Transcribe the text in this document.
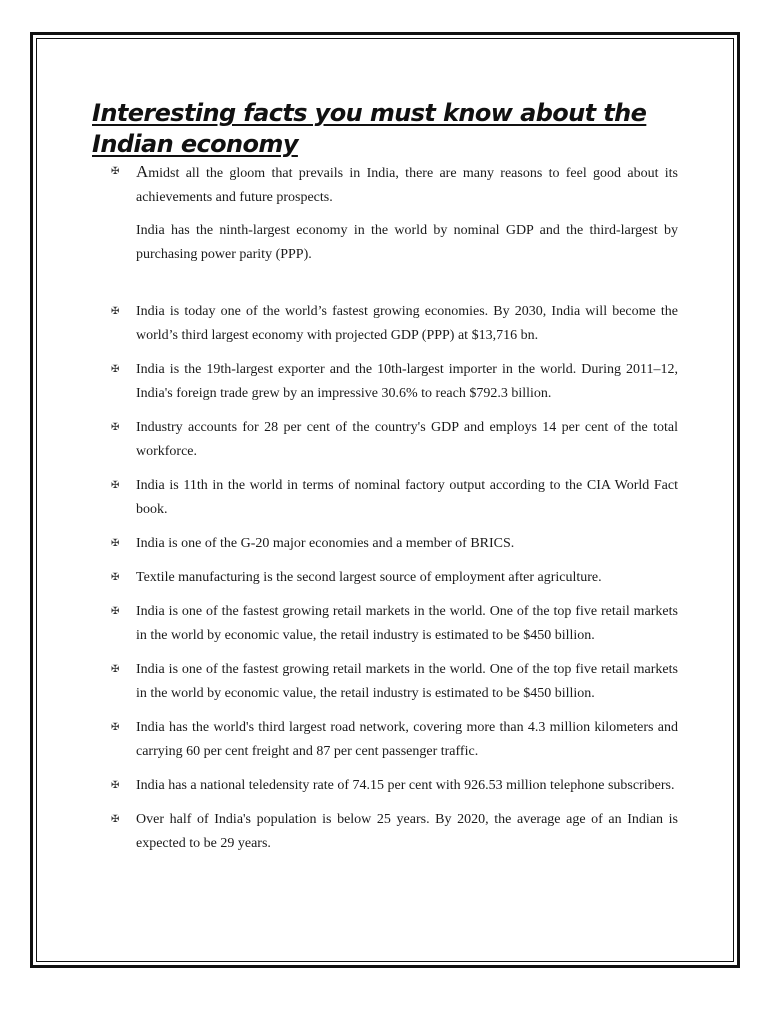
Interesting facts you must know about the
Indian economy
✠ Amidst all the gloom that prevails in India, there are many reasons to feel good about its achievements and future prospects.
India has the ninth-largest economy in the world by nominal GDP and the third-largest by purchasing power parity (PPP).
✠	India is today one of the world’s fastest growing economies. By 2030, India will become the world’s third largest economy with projected GDP (PPP) at $13,716 bn.
✠	India is the 19th-largest exporter and the 10th-largest importer in the world. During 2011–12, India's foreign trade grew by an impressive 30.6% to reach $792.3 billion.
✠	Industry accounts for 28 per cent of the country's GDP and employs 14 per cent of the total workforce.
✠	India is 11th in the world in terms of nominal factory output according to the CIA World Fact book.
✠	India is one of the G-20 major economies and a member of BRICS.
✠	Textile manufacturing is the second largest source of employment after agriculture.
✠	India is one of the fastest growing retail markets in the world. One of the top five retail markets in the world by economic value, the retail industry is estimated to be $450 billion.
✠	India is one of the fastest growing retail markets in the world. One of the top five retail markets in the world by economic value, the retail industry is estimated to be $450 billion.
✠	India has the world's third largest road network, covering more than 4.3 million kilometers and carrying 60 per cent freight and 87 per cent passenger traffic.
✠	India has a national teledensity rate of 74.15 per cent with 926.53 million telephone subscribers.
✠	Over half of India's population is below 25 years. By 2020, the average age of an Indian is expected to be 29 years.
